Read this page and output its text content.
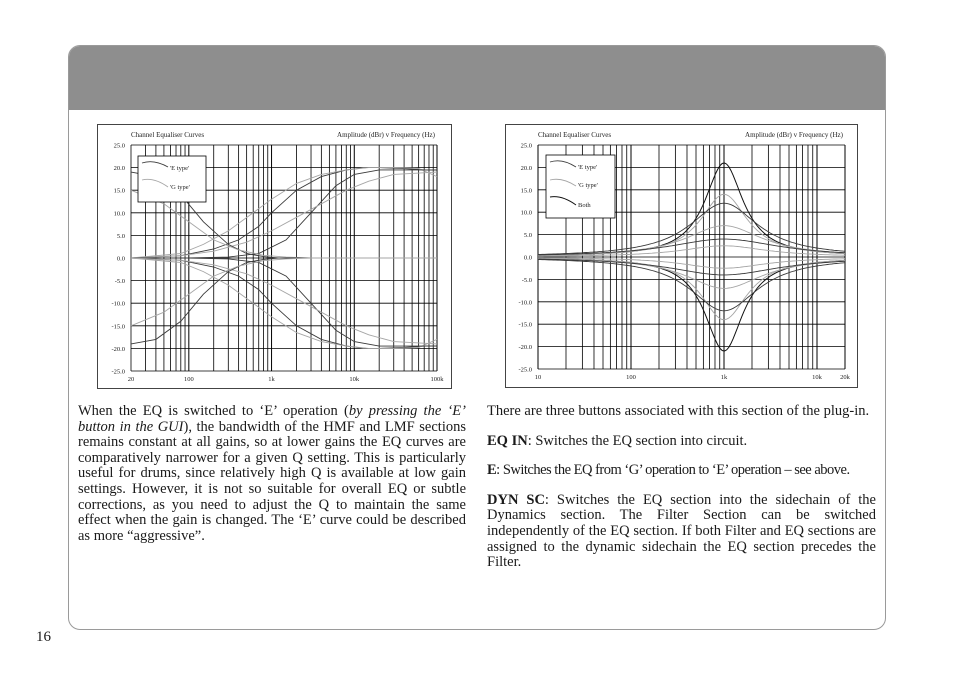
Channel Equaliser Curves	Amplitude (dBr) v Frequency (Hz)
25.0
20.0
15.0
10.0
5.0
0.0
-5.0
-10.0
-15.0
-20.0
-25.0
20	100	1k	10k	100k
'E type'
'G type'
Channel Equaliser Curves	Amplitude (dBr) v Frequency (Hz)
25.0
20.0
15.0
10.0
5.0
0.0
-5.0
-10.0
-15.0
-20.0
-25.0
10	100	1k	10k	20k
'E type'
'G type'
Both

When the EQ is switched to ‘E’ operation (by pressing the ‘E’ button in the GUI), the bandwidth of the HMF and LMF sections remains constant at all gains, so at lower gains the EQ curves are comparatively narrower for a given Q setting. This is particularly useful for drums, since relatively high Q is available at low gain settings. However, it is not so suitable for overall EQ or subtle corrections, as you need to adjust the Q to maintain the same effect when the gain is changed. The ‘E’ curve could be described as more “aggressive”.

There are three buttons associated with this section of the plug-in.

EQ IN: Switches the EQ section into circuit.

E: Switches the EQ from ‘G’ operation to ‘E’ operation – see above.

DYN SC: Switches the EQ section into the sidechain of the Dynamics section. The Filter Section can be switched independently of the EQ section. If both Filter and EQ sections are assigned to the dynamic sidechain the EQ section precedes the Filter.

16
